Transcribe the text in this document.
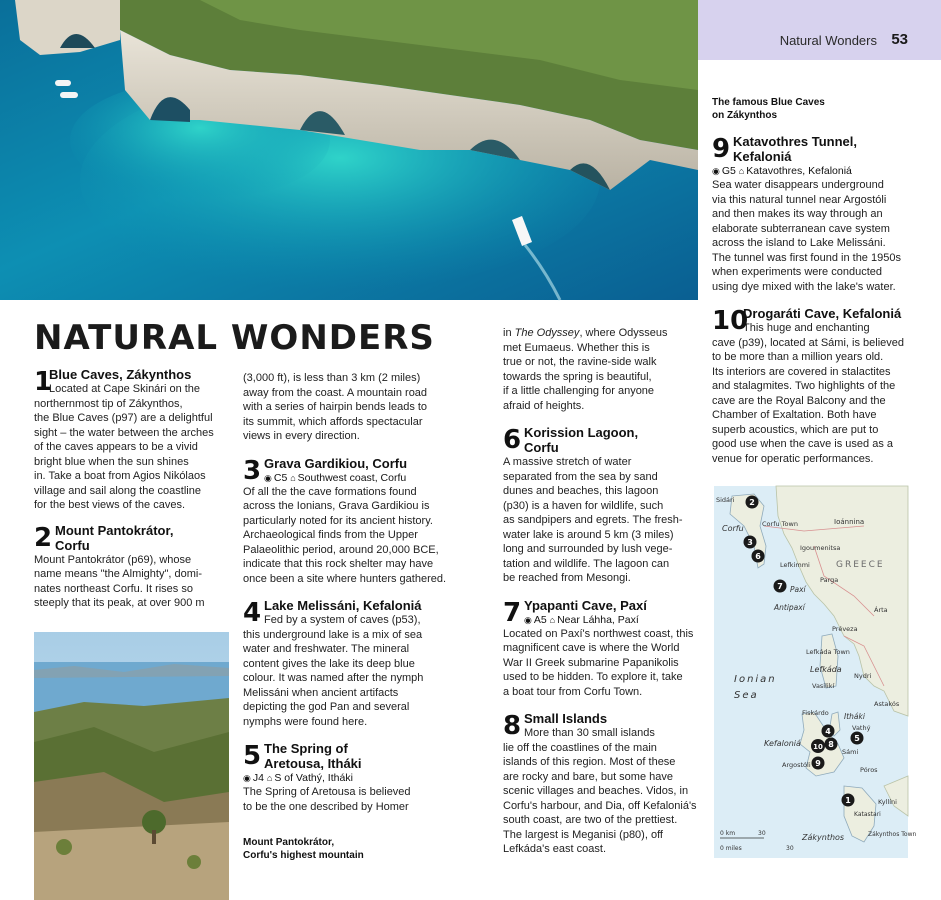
Natural Wonders 53
The famous Blue Caves
on Zákynthos
NATURAL WONDERS
1
Blue Caves, Zákynthos

Located at Cape Skinári on the

northernmost tip of Zákynthos,

the Blue Caves (p97) are a delightful

sight – the water between the arches

of the caves appears to be a vivid

bright blue when the sun shines

in. Take a boat from Agios Nikólaos

village and sail along the coastline

for the best views of the caves.

2 Mount Pantokrátor,
Corfu

Mount Pantokrátor (p69), whose

name means "the Almighty", domi-

nates northeast Corfu. It rises so

steeply that its peak, at over 900 m

(3,000 ft), is less than 3 km (2 miles)

away from the coast. A mountain road

with a series of hairpin bends leads to

its summit, which affords spectacular

views in every direction.

3 Grava Gardikiou, Corfu
◉ C5 ⌂ Southwest coast, Corfu

Of all the the cave formations found

across the Ionians, Grava Gardikiou is

particularly noted for its ancient history.

Archaeological finds from the Upper

Palaeolithic period, around 20,000 BCE,

indicate that this rock shelter may have

once been a site where hunters gathered.

4 Lake Melissáni, Kefaloniá

Fed by a system of caves (p53),

this underground lake is a mix of sea

water and freshwater. The mineral

content gives the lake its deep blue

colour. It was named after the nymph

Melissáni when ancient artifacts

depicting the god Pan and several

nymphs were found here.

5 The Spring of
Aretousa, Itháki
◉ J4 ⌂ S of Vathý, Itháki

The Spring of Aretousa is believed

to be the one described by Homer

Mount Pantokrátor,
Corfu's highest mountain

in The Odyssey, where Odysseus

met Eumaeus. Whether this is

true or not, the ravine-side walk

towards the spring is beautiful,

if a little challenging for anyone

afraid of heights.

6 Korission Lagoon,
Corfu

A massive stretch of water

separated from the sea by sand

dunes and beaches, this lagoon

(p30) is a haven for wildlife, such

as sandpipers and egrets. The fresh-

water lake is around 5 km (3 miles)

long and surrounded by lush vege-

tation and wildlife. The lagoon can

be reached from Mesongi.

7 Ypapanti Cave, Paxí
◉ A5 ⌂ Near Láhha, Paxí

Located on Paxí's northwest coast, this

magnificent cave is where the World

War II Greek submarine Papanikolis

used to be hidden. To explore it, take

a boat tour from Corfu Town.

8 Small Islands

More than 30 small islands

lie off the coastlines of the main

islands of this region. Most of these

are rocky and bare, but some have

scenic villages and beaches. Vidos, in

Corfu's harbour, and Dia, off Kefaloniá's

south coast, are two of the prettiest.

The largest is Meganisi (p80), off

Lefkáda's east coast.

9 Katavothres Tunnel,
Kefaloniá
◉ G5 ⌂ Katavothres, Kefaloniá

Sea water disappears underground

via this natural tunnel near Argostóli

and then makes its way through an

elaborate subterranean cave system

across the island to Lake Melissáni.

The tunnel was first found in the 1950s

when experiments were conducted

using dye mixed with the lake's water.

10
Drogaráti Cave, Kefaloniá

This huge and enchanting

cave (p39), located at Sámi, is believed

to be more than a million years old.

Its interiors are covered in stalactites

and stalagmites. Two highlights of the

cave are the Royal Balcony and the

Chamber of Exaltation. Both have

superb acoustics, which are put to

good use when the cave is used as a

venue for operatic performances.

Sidári
Corfu	Corfu Town	Ioánnina
Igoumenitsa
Lefkimmi	GREECE
Parga
Paxí
Antipaxí	Árta
Préveza
Lefkáda Town
Lefkáda
Nydri
Vasilikí
Ionian
Sea
Astakós
Fiskárdo Itháki
Vathý
Kefaloniá
Sámi
Argostóli
Póros
Kyllíni
Katastari
Zákynthos Town
Zákynthos
0 km	30
0 miles	30
2
3
6
7
4
5
8
10
9
1
